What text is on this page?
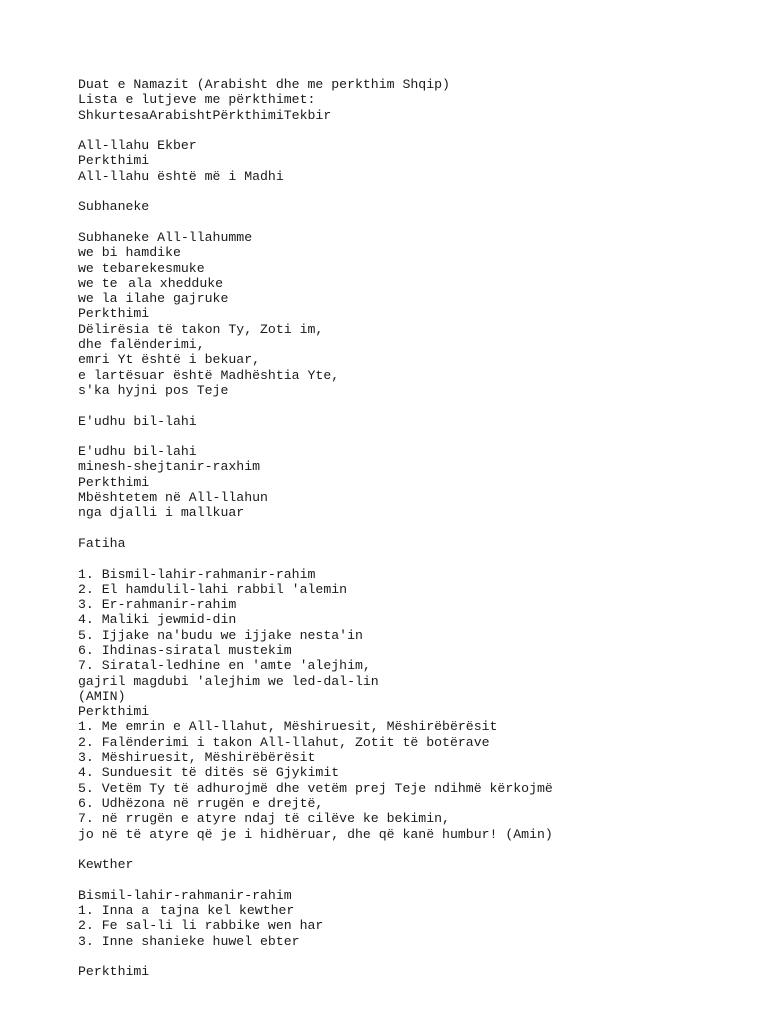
Duat e Namazit (Arabisht dhe me perkthim Shqip)
Lista e lutjeve me përkthimet:
ShkurtesaArabishtPërkthimiTekbir
All-llahu Ekber
Perkthimi
All-llahu është më i Madhi
Subhaneke
Subhaneke All-llahumme
we bi hamdike
we tebarekesmuke
we teala xhedduke
we la ilahe gajruke
Perkthimi
Dëlirësia të takon Ty, Zoti im,
dhe falënderimi,
emri Yt është i bekuar,
e lartësuar është Madhështia Yte,
s'ka hyjni pos Teje
E'udhu bil-lahi
E'udhu bil-lahi
minesh-shejtanir-raxhim
Perkthimi
Mbështetem në All-llahun
nga djalli i mallkuar
Fatiha
1. Bismil-lahir-rahmanir-rahim
2. El hamdulil-lahi rabbil 'alemin
3. Er-rahmanir-rahim
4. Maliki jewmid-din
5. Ijjake na'budu we ijjake nesta'in
6. Ihdinas-siratal mustekim
7. Siratal-ledhine en 'amte 'alejhim,
gajril magdubi 'alejhim we led-dal-lin
(AMIN)
Perkthimi
1. Me emrin e All-llahut, Mëshiruesit, Mëshirëbërësit
2. Falënderimi i takon All-llahut, Zotit të botërave
3. Mëshiruesit, Mëshirëbërësit
4. Sunduesit të ditës së Gjykimit
5. Vetëm Ty të adhurojmë dhe vetëm prej Teje ndihmë kërkojmë
6. Udhëzona në rrugën e drejtë,
7. në rrugën e atyre ndaj të cilëve ke bekimin,
jo në të atyre që je i hidhëruar, dhe që kanë humbur! (Amin)
Kewther
Bismil-lahir-rahmanir-rahim
1. Inna atajna kel kewther
2. Fe sal-li li rabbike wen har
3. Inne shanieke huwel ebter
Perkthimi
